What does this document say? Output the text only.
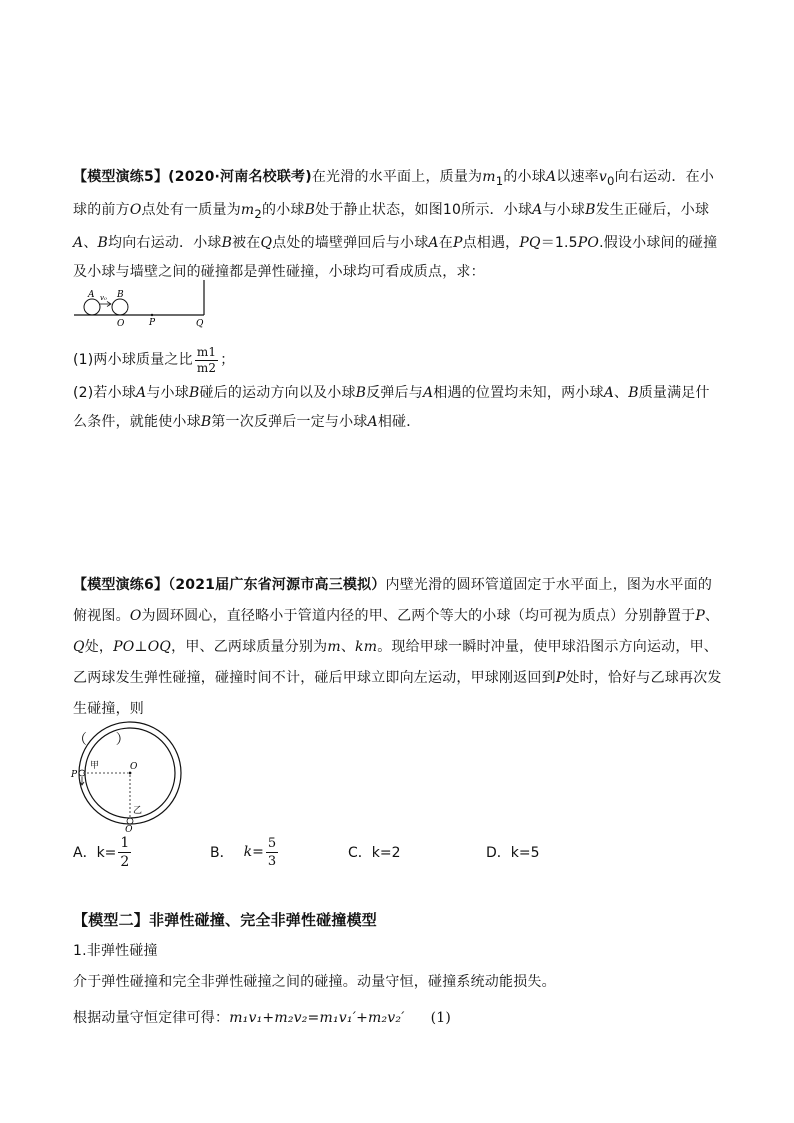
【模型演练5】(2020·河南名校联考)在光滑的水平面上，质量为$m_1$的小球A以速率$v_0$向右运动．在小球的前方O点处有一质量为$m_2$的小球B处于静止状态，如图10所示．小球A与小球B发生正碰后，小球A、B均向右运动．小球B被在Q点处的墙壁弹回后与小球A在P点相遇，PQ＝1.5PO.假设小球间的碰撞及小球与墙壁之间的碰撞都是弹性碰撞，小球均可看成质点，求：
A	B
v₀
O	P	Q
(1)两小球质量之比 $\frac{m1}{m2}$ ；
(2)若小球A与小球B碰后的运动方向以及小球B反弹后与A相遇的位置均未知，两小球A、B质量满足什么条件，就能使小球B第一次反弹后一定与小球A相碰．
【模型演练6】（2021届广东省河源市高三模拟）内壁光滑的圆环管道固定于水平面上，图为水平面的俯视图。O为圆环圆心，直径略小于管道内径的甲、乙两个等大的小球（均可视为质点）分别静置于P、Q处，PO⊥OQ，甲、乙两球质量分别为m、km。现给甲球一瞬时冲量，使甲球沿图示方向运动，甲、乙两球发生弹性碰撞，碰撞时间不计，碰后甲球立即向左运动，甲球刚返回到P处时，恰好与乙球再次发生碰撞，则
（　　）
P
甲	O
乙
Q
A．$k= \frac{1}{2}$	B． $k = \frac{5}{3}$	C．k=2	D．k=5
【模型二】非弹性碰撞、完全非弹性碰撞模型
1.非弹性碰撞
介于弹性碰撞和完全非弹性碰撞之间的碰撞。动量守恒，碰撞系统动能损失。
根据动量守恒定律可得：m₁v₁+m₂v₂=m₁v₁′+m₂v₂′ (1)
